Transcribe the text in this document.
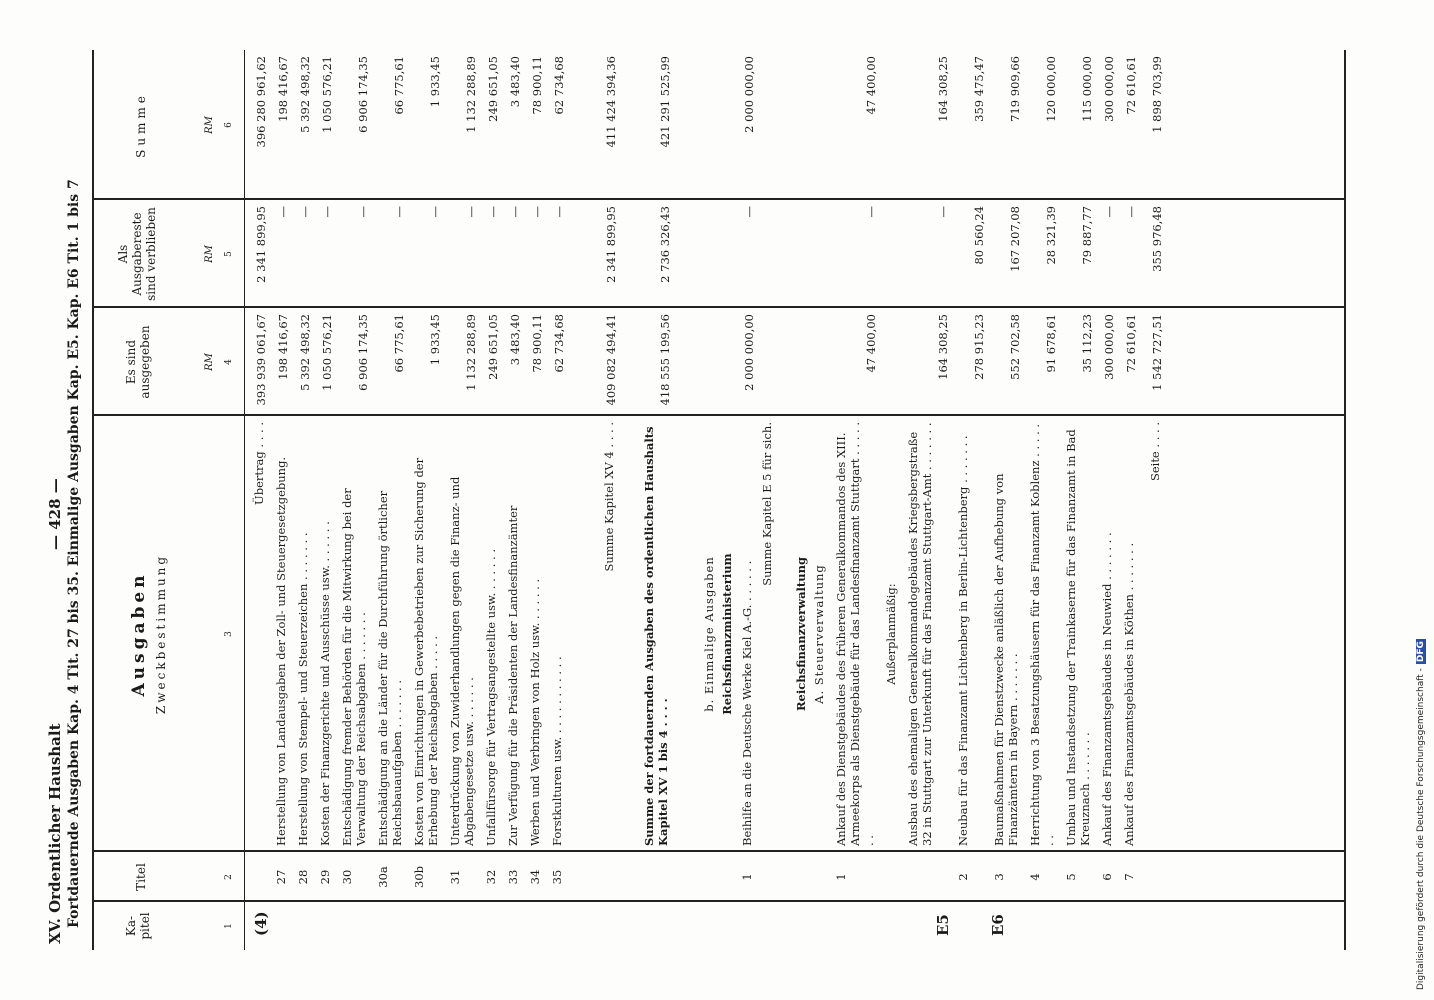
XV. Ordentlicher Haushalt Fortdauernde Ausgaben Kap. 4 Tit. 27 bis 35. Einmalige Ausgaben Kap. E5. Kap. E6 Tit. 1 bis 7
— 428 —
Ka-
pitel
Titel
Ausgaben Zweckbestimmung
Es sind
ausgegeben
Als
Ausgabereste
sind verblieben
Summe
RM
RM
RM
1
2
3
4
5
6
(4)	E5 E6
Übertrag . . . .
393 939 061,67
2 341 899,95
396 280 961,62
27
Herstellung von Landausgaben der Zoll- und Steuergesetzgebung.
198 416,67
—
198 416,67
28
Herstellung von Stempel- und Steuerzeichen . . . . . . .
5 392 498,32
—
5 392 498,32
29
Kosten der Finanzgerichte und Ausschüsse usw. . . . . . .
1 050 576,21
—
1 050 576,21
30
Entschädigung fremder Behörden für die Mitwirkung bei der Verwaltung der Reichsabgaben . . . . . . .
6 906 174,35
—
6 906 174,35
30a
Entschädigung an die Länder für die Durchführung örtlicher Reichsbauaufgaben . . . . . . .
66 775,61
—
66 775,61
30b
Kosten von Einrichtungen in Gewerbebetrieben zur Sicherung der Erhebung der Reichsabgaben . . . . .
1 933,45
—
1 933,45
31
Unterdrückung von Zuwiderhandlungen gegen die Finanz- und Abgabengesetze usw. . . . . . .
1 132 288,89
—
1 132 288,89
32
Unfallfürsorge für Vertragsangestellte usw. . . . . . .
249 651,05
—
249 651,05
33
Zur Verfügung für die Präsidenten der Landesfinanzämter
3 483,40
—
3 483,40
34
Werben und Verbringen von Holz usw. . . . . . .
78 900,11
—
78 900,11
35
Forstkulturen usw. . . . . . . . . . . .
62 734,68
—
62 734,68
Summe Kapitel XV 4 . . . .
409 082 494,41
2 341 899,95
411 424 394,36
Summe der fortdauernden Ausgaben des ordentlichen Haushalts Kapitel XV 1 bis 4 . . . .
418 555 199,56
2 736 326,43
421 291 525,99
b. Einmalige Ausgaben Reichsfinanzministerium
1
Beihilfe an die Deutsche Werke Kiel A.-G. . . . . . .
2 000 000,00
—
2 000 000,00
Summe Kapitel E 5 für sich.
Reichsfinanzverwaltung A. Steuerverwaltung
1
Ankauf des Dienstgebäudes des früheren Generalkommandos des XIII. Armeekorps als Dienstgebäude für das Landesfinanzamt Stuttgart . . . . . . .
47 400,00
—
47 400,00
Außerplanmäßig: Ausbau des ehemaligen Generalkommandogebäudes Kriegsbergstraße 32 in Stuttgart zur Unterkunft für das Finanzamt Stuttgart-Amt . . . . . . .
164 308,25
—
164 308,25
2
Neubau für das Finanzamt Lichtenberg in Berlin-Lichtenberg . . . . . . .
278 915,23
80 560,24
359 475,47
3
Baumaßnahmen für Dienstzwecke anläßlich der Aufhebung von Finanzämtern in Bayern . . . . . . .
552 702,58
167 207,08
719 909,66
4
Herrichtung von 3 Besatzungshäusern für das Finanzamt Koblenz . . . . . . .
91 678,61
28 321,39
120 000,00
5
Umbau und Instandsetzung der Trainkaserne für das Finanzamt in Bad Kreuznach . . . . . . .
35 112,23
79 887,77
115 000,00
6
Ankauf des Finanzamtsgebäudes in Neuwied . . . . . . .
300 000,00
—
300 000,00
7
Ankauf des Finanzamtsgebäudes in Köthen . . . . . . .
72 610,61
—
72 610,61
Seite . . . .
1 542 727,51
355 976,48
1 898 703,99
Digitalisierung gefördert durch die Deutsche Forschungsgemeinschaft -DFG
